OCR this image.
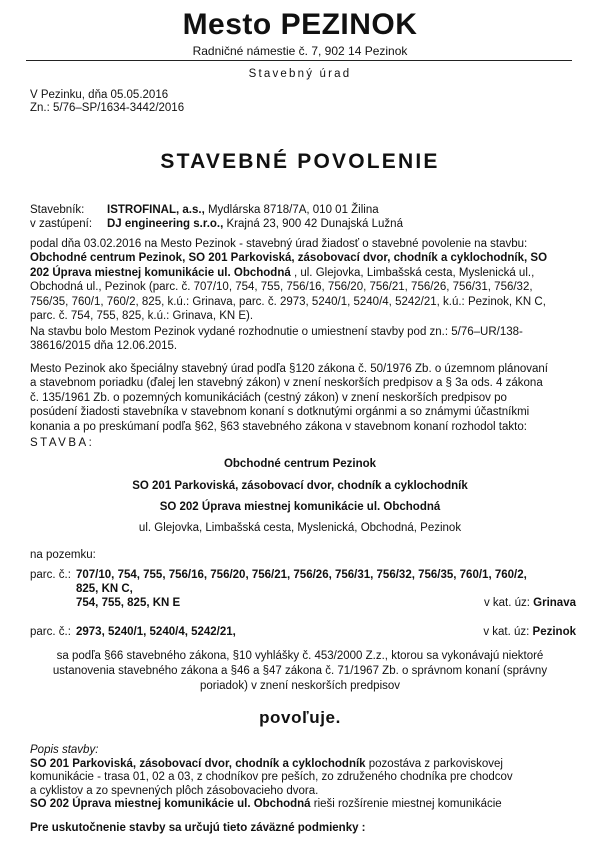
Mesto PEZINOK
Radničné námestie č. 7, 902 14 Pezinok
Stavebný úrad
V Pezinku, dňa 05.05.2016
Zn.: 5/76–SP/1634-3442/2016
STAVEBNÉ POVOLENIE
Stavebník: ISTROFINAL, a.s., Mydlárska 8718/7A, 010 01 Žilina
v zastúpení: DJ engineering s.r.o., Krajná 23, 900 42 Dunajská Lužná
podal dňa 03.02.2016 na Mesto Pezinok - stavebný úrad žiadosť o stavebné povolenie na stavbu:
Obchodné centrum Pezinok, SO 201 Parkoviská, zásobovací dvor, chodník a cyklochodník, SO
202 Úprava miestnej komunikácie ul. Obchodná , ul. Glejovka, Limbašská cesta, Myslenická ul.,
Obchodná ul., Pezinok (parc. č. 707/10, 754, 755, 756/16, 756/20, 756/21, 756/26, 756/31, 756/32,
756/35, 760/1, 760/2, 825, k.ú.: Grinava, parc. č. 2973, 5240/1, 5240/4, 5242/21, k.ú.: Pezinok, KN C,
parc. č. 754, 755, 825, k.ú.: Grinava, KN E).
Na stavbu bolo Mestom Pezinok vydané rozhodnutie o umiestnení stavby pod zn.: 5/76–UR/138-
38616/2015 dňa 12.06.2015.
Mesto Pezinok ako špeciálny stavebný úrad podľa §120 zákona č. 50/1976 Zb. o územnom plánovaní
a stavebnom poriadku (ďalej len stavebný zákon) v znení neskorších predpisov a § 3a ods. 4 zákona
č. 135/1961 Zb. o pozemných komunikáciách (cestný zákon) v znení neskorších predpisov po
posúdení žiadosti stavebníka v stavebnom konaní s dotknutými orgánmi a so známymi účastníkmi
konania a po preskúmaní podľa §62, §63 stavebného zákona v stavebnom konaní rozhodol takto:
STAVBA:
Obchodné centrum Pezinok
SO 201 Parkoviská, zásobovací dvor, chodník a cyklochodník
SO 202 Úprava miestnej komunikácie ul. Obchodná
ul. Glejovka, Limbašská cesta, Myslenická, Obchodná, Pezinok
na pozemku:
parc. č.: 707/10, 754, 755, 756/16, 756/20, 756/21, 756/26, 756/31, 756/32, 756/35, 760/1, 760/2,
825, KN C,
754, 755, 825, KN E	v kat. úz: Grinava
parc. č.: 2973, 5240/1, 5240/4, 5242/21,	v kat. úz: Pezinok
sa podľa §66 stavebného zákona, §10 vyhlášky č. 453/2000 Z.z., ktorou sa vykonávajú niektoré
ustanovenia stavebného zákona a §46 a §47 zákona č. 71/1967 Zb. o správnom konaní (správny
poriadok) v znení neskorších predpisov
povoľuje.
Popis stavby:
SO 201 Parkoviská, zásobovací dvor, chodník a cyklochodník pozostáva z parkoviskovej
komunikácie - trasa 01, 02 a 03, z chodníkov pre peších, zo združeného chodníka pre chodcov
a cyklistov a zo spevnených plôch zásobovacieho dvora.
SO 202 Úprava miestnej komunikácie ul. Obchodná rieši rozšírenie miestnej komunikácie
Pre uskutočnenie stavby sa určujú tieto záväzné podmienky :
